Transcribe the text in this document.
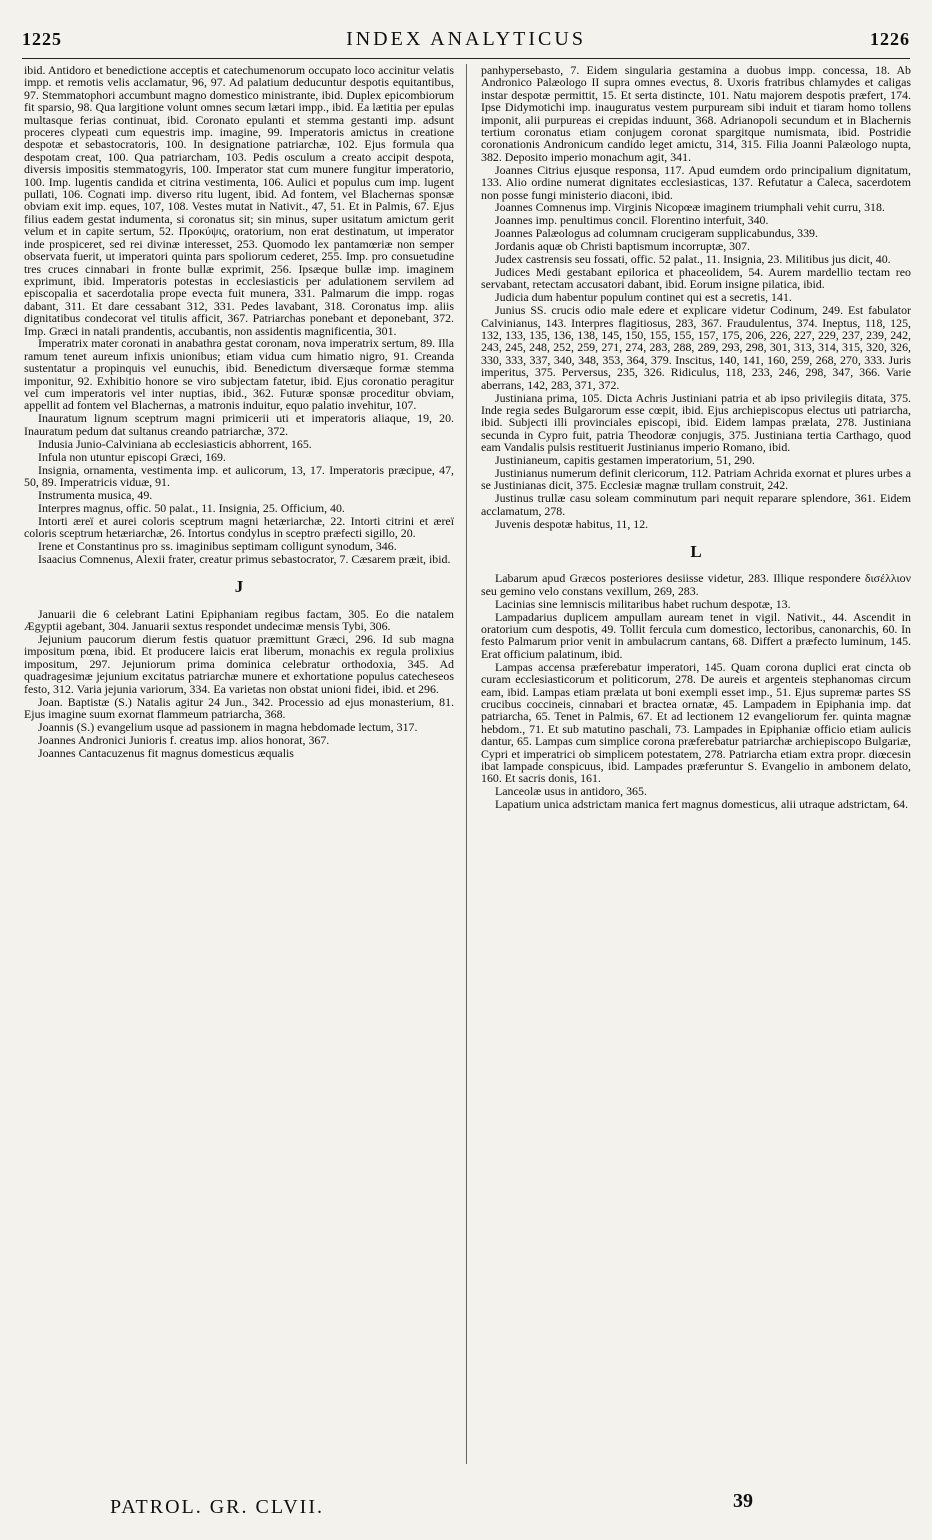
1225	INDEX ANALYTICUS	1226

ibid. Antidoro et benedictione acceptis et catechumenorum occupato loco accinitur velatis impp. et remotis velis acclamatur, 96, 97. Ad palatium deducuntur despotis equitantibus, 97. Stemmatophori accumbunt magno domestico ministrante, ibid. Duplex epicombiorum fit sparsio, 98. Qua largitione volunt omnes secum lætari impp., ibid. Ea lætitia per epulas multasque ferias continuat, ibid. Coronato epulanti et stemma gestanti imp. adsunt proceres clypeati cum equestris imp. imagine, 99. Imperatoris amictus in creatione despotæ et sebastocratoris, 100. In designatione patriarchæ, 102. Ejus formula qua despotam creat, 100. Qua patriarcham, 103. Pedis osculum a creato accipit despota, diversis impositis stemmatogyris, 100. Imperator stat cum munere fungitur imperatorio, 100. Imp. lugentis candida et citrina vestimenta, 106. Aulici et populus cum imp. lugent pullati, 106. Cognati imp. diverso ritu lugent, ibid. Ad fontem, vel Blachernas sponsæ obviam exit imp. eques, 107, 108. Vestes mutat in Nativit., 47, 51. Et in Palmis, 67. Ejus filius eadem gestat indumenta, si coronatus sit; sin minus, super usitatum amictum gerit velum et in capite sertum, 52. Προκύψις, oratorium, non erat destinatum, ut imperator inde prospiceret, sed rei divinæ interesset, 253. Quomodo lex pantamœriæ non semper observata fuerit, ut imperatori quinta pars spoliorum cederet, 255. Imp. pro consuetudine tres cruces cinnabari in fronte bullæ exprimit, 256. Ipsæque bullæ imp. imaginem exprimunt, ibid. Imperatoris potestas in ecclesiasticis per adulationem servilem ad episcopalia et sacerdotalia prope evecta fuit munera, 331. Palmarum die impp. rogas dabant, 311. Et dare cessabant 312, 331. Pedes lavabant, 318. Coronatus imp. aliis dignitatibus condecorat vel titulis afficit, 367. Patriarchas ponebant et deponebant, 372. Imp. Græci in natali prandentis, accubantis, non assidentis magnificentia, 301.

Imperatrix mater coronati in anabathra gestat coronam, nova imperatrix sertum, 89. Illa ramum tenet aureum infixis unionibus; etiam vidua cum himatio nigro, 91. Creanda sustentatur a propinquis vel eunuchis, ibid. Benedictum diversæque formæ stemma imponitur, 92. Exhibitio honore se viro subjectam fatetur, ibid. Ejus coronatio peragitur vel cum imperatoris vel inter nuptias, ibid., 362. Futuræ sponsæ proceditur obviam, appellit ad fontem vel Blachernas, a matronis induitur, equo palatio invehitur, 107.

Inauratum lignum sceptrum magni primicerii uti et imperatoris aliaque, 19, 20. Inauratum pedum dat sultanus creando patriarchæ, 372.

Indusia Junio-Calviniana ab ecclesiasticis abhorrent, 165.

Infula non utuntur episcopi Græci, 169.

Insignia, ornamenta, vestimenta imp. et aulicorum, 13, 17. Imperatoris præcipue, 47, 50, 89. Imperatricis viduæ, 91.

Instrumenta musica, 49.

Interpres magnus, offic. 50 palat., 11. Insignia, 25. Officium, 40.

Intorti æreï et aurei coloris sceptrum magni hetæriarchæ, 22. Intorti citrini et æreï coloris sceptrum hetæriarchæ, 26. Intortus condylus in sceptro præfecti sigillo, 20.

Irene et Constantinus pro ss. imaginibus septimam colligunt synodum, 346.

Isaacius Comnenus, Alexii frater, creatur primus sebastocrator, 7. Cæsarem præit, ibid.

J

Januarii die 6 celebrant Latini Epiphaniam regibus factam, 305. Eo die natalem Ægyptii agebant, 304. Januarii sextus respondet undecimæ mensis Tybi, 306.

Jejunium paucorum dierum festis quatuor præmittunt Græci, 296. Id sub magna impositum pœna, ibid. Et producere laicis erat liberum, monachis ex regula prolixius impositum, 297. Jejuniorum prima dominica celebratur orthodoxia, 345. Ad quadragesimæ jejunium excitatus patriarchæ munere et exhortatione populus catecheseos festo, 312. Varia jejunia variorum, 334. Ea varietas non obstat unioni fidei, ibid. et 296.

Joan. Baptistæ (S.) Natalis agitur 24 Jun., 342. Processio ad ejus monasterium, 81. Ejus imagine suum exornat flammeum patriarcha, 368.

Joannis (S.) evangelium usque ad passionem in magna hebdomade lectum, 317.

Joannes Andronici Junioris f. creatus imp. alios honorat, 367.

Joannes Cantacuzenus fit magnus domesticus æqualis

panhypersebasto, 7. Eidem singularia gestamina a duobus impp. concessa, 18. Ab Andronico Palæologo II supra omnes evectus, 8. Uxoris fratribus chlamydes et caligas instar despotæ permittit, 15. Et serta distincte, 101. Natu majorem despotis præfert, 174. Ipse Didymotichi imp. inauguratus vestem purpuream sibi induit et tiaram homo tollens imponit, alii purpureas ei crepidas induunt, 368. Adrianopoli secundum et in Blachernis tertium coronatus etiam conjugem coronat spargitque numismata, ibid. Postridie coronationis Andronicum candido leget amictu, 314, 315. Filia Joanni Palæologo nupta, 382. Deposito imperio monachum agit, 341.

Joannes Citrius ejusque responsa, 117. Apud eumdem ordo principalium dignitatum, 133. Alio ordine numerat dignitates ecclesiasticas, 137. Refutatur a Caleca, sacerdotem non posse fungi ministerio diaconi, ibid.

Joannes Comnenus imp. Virginis Nicopœæ imaginem triumphali vehit curru, 318.

Joannes imp. penultimus concil. Florentino interfuit, 340.

Joannes Palæologus ad columnam crucigeram supplicabundus, 339.

Jordanis aquæ ob Christi baptismum incorruptæ, 307.

Judex castrensis seu fossati, offic. 52 palat., 11. Insignia, 23. Militibus jus dicit, 40.

Judices Medi gestabant epilorica et phaceolidem, 54. Aurem mardellio tectam reo servabant, retectam accusatori dabant, ibid. Eorum insigne pilatica, ibid.

Judicia dum habentur populum continet qui est a secretis, 141.

Junius SS. crucis odio male edere et explicare videtur Codinum, 249. Est fabulator Calvinianus, 143. Interpres flagitiosus, 283, 367. Fraudulentus, 374. Ineptus, 118, 125, 132, 133, 135, 136, 138, 145, 150, 155, 155, 157, 175, 206, 226, 227, 229, 237, 239, 242, 243, 245, 248, 252, 259, 271, 274, 283, 288, 289, 293, 298, 301, 313, 314, 315, 320, 326, 330, 333, 337, 340, 348, 353, 364, 379. Inscitus, 140, 141, 160, 259, 268, 270, 333. Juris imperitus, 375. Perversus, 235, 326. Ridiculus, 118, 233, 246, 298, 347, 366. Varie aberrans, 142, 283, 371, 372.

Justiniana prima, 105. Dicta Achris Justiniani patria et ab ipso privilegiis ditata, 375. Inde regia sedes Bulgarorum esse cœpit, ibid. Ejus archiepiscopus electus uti patriarcha, ibid. Subjecti illi provinciales episcopi, ibid. Eidem lampas prælata, 278. Justiniana secunda in Cypro fuit, patria Theodoræ conjugis, 375. Justiniana tertia Carthago, quod eam Vandalis pulsis restituerit Justinianus imperio Romano, ibid.

Justinianeum, capitis gestamen imperatorium, 51, 290.

Justinianus numerum definit clericorum, 112. Patriam Achrida exornat et plures urbes a se Justinianas dicit, 375. Ecclesiæ magnæ trullam construit, 242.

Justinus trullæ casu soleam comminutum pari nequit reparare splendore, 361. Eidem acclamatum, 278.

Juvenis despotæ habitus, 11, 12.

L

Labarum apud Græcos posteriores desiisse videtur, 283. Illique respondere δισέλλιον seu gemino velo constans vexillum, 269, 283.

Lacinias sine lemniscis militaribus habet ruchum despotæ, 13.

Lampadarius duplicem ampullam auream tenet in vigil. Nativit., 44. Ascendit in oratorium cum despotis, 49. Tollit fercula cum domestico, lectoribus, canonarchis, 60. In festo Palmarum prior venit in ambulacrum cantans, 68. Differt a præfecto luminum, 145. Erat officium palatinum, ibid.

Lampas accensa præferebatur imperatori, 145. Quam corona duplici erat cincta ob curam ecclesiasticorum et politicorum, 278. De aureis et argenteis stephanomas circum eam, ibid. Lampas etiam prælata ut boni exempli esset imp., 51. Ejus supremæ partes SS crucibus coccineis, cinnabari et bractea ornatæ, 45. Lampadem in Epiphania imp. dat patriarcha, 65. Tenet in Palmis, 67. Et ad lectionem 12 evangeliorum fer. quinta magnæ hebdom., 71. Et sub matutino paschali, 73. Lampades in Epiphaniæ officio etiam aulicis dantur, 65. Lampas cum simplice corona præferebatur patriarchæ archiepiscopo Bulgariæ, Cypri et imperatrici ob simplicem potestatem, 278. Patriarcha etiam extra propr. diœcesin ibat lampade conspicuus, ibid. Lampades præferuntur S. Evangelio in ambonem delato, 160. Et sacris donis, 161.

Lanceolæ usus in antidoro, 365.

Lapatium unica adstrictam manica fert magnus domesticus, alii utraque adstrictam, 64.

PATROL. GR. CLVII.	39
